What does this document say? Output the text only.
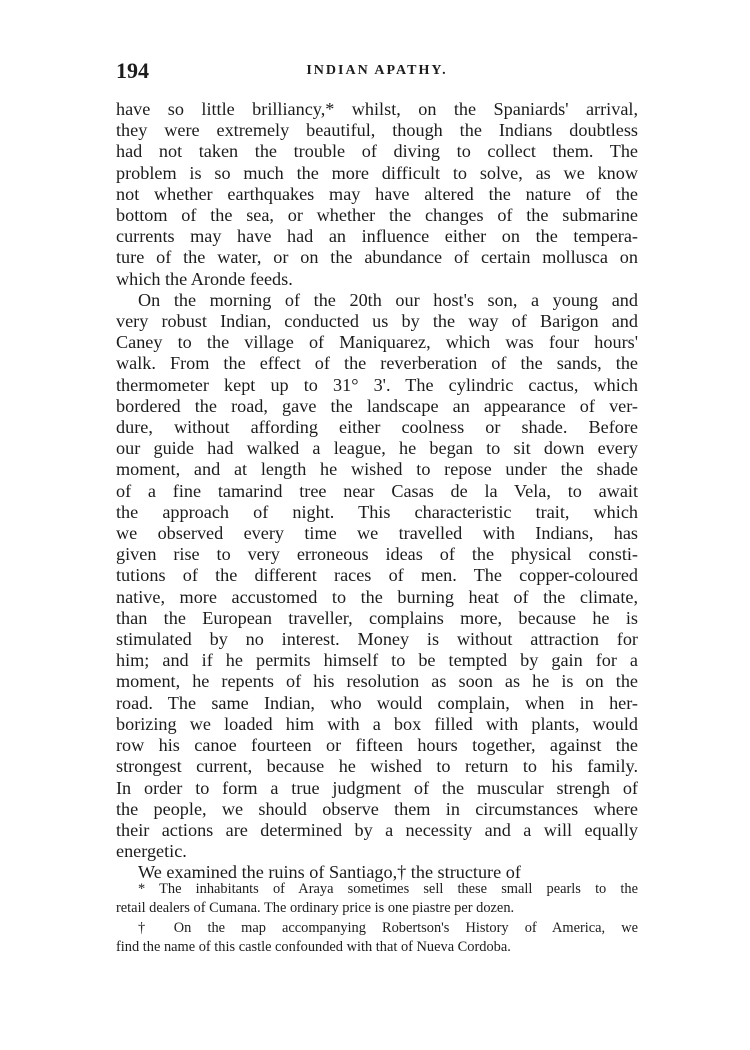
194	INDIAN APATHY.
have so little brilliancy,* whilst, on the Spaniards' arrival,
they were extremely beautiful, though the Indians doubtless
had not taken the trouble of diving to collect them. The
problem is so much the more difficult to solve, as we know
not whether earthquakes may have altered the nature of the
bottom of the sea, or whether the changes of the submarine
currents may have had an influence either on the tempera-
ture of the water, or on the abundance of certain mollusca on
which the Aronde feeds.
On the morning of the 20th our host's son, a young and
very robust Indian, conducted us by the way of Barigon and
Caney to the village of Maniquarez, which was four hours'
walk. From the effect of the reverberation of the sands, the
thermometer kept up to 31° 3'. The cylindric cactus, which
bordered the road, gave the landscape an appearance of ver-
dure, without affording either coolness or shade. Before
our guide had walked a league, he began to sit down every
moment, and at length he wished to repose under the shade
of a fine tamarind tree near Casas de la Vela, to await
the approach of night. This characteristic trait, which
we observed every time we travelled with Indians, has
given rise to very erroneous ideas of the physical consti-
tutions of the different races of men. The copper-coloured
native, more accustomed to the burning heat of the climate,
than the European traveller, complains more, because he is
stimulated by no interest. Money is without attraction for
him; and if he permits himself to be tempted by gain for a
moment, he repents of his resolution as soon as he is on the
road. The same Indian, who would complain, when in her-
borizing we loaded him with a box filled with plants, would
row his canoe fourteen or fifteen hours together, against the
strongest current, because he wished to return to his family.
In order to form a true judgment of the muscular strengh of
the people, we should observe them in circumstances where
their actions are determined by a necessity and a will equally
energetic.
We examined the ruins of Santiago,† the structure of
* The inhabitants of Araya sometimes sell these small pearls to the
retail dealers of Cumana. The ordinary price is one piastre per dozen.
† On the map accompanying Robertson's History of America, we
find the name of this castle confounded with that of Nueva Cordoba.
